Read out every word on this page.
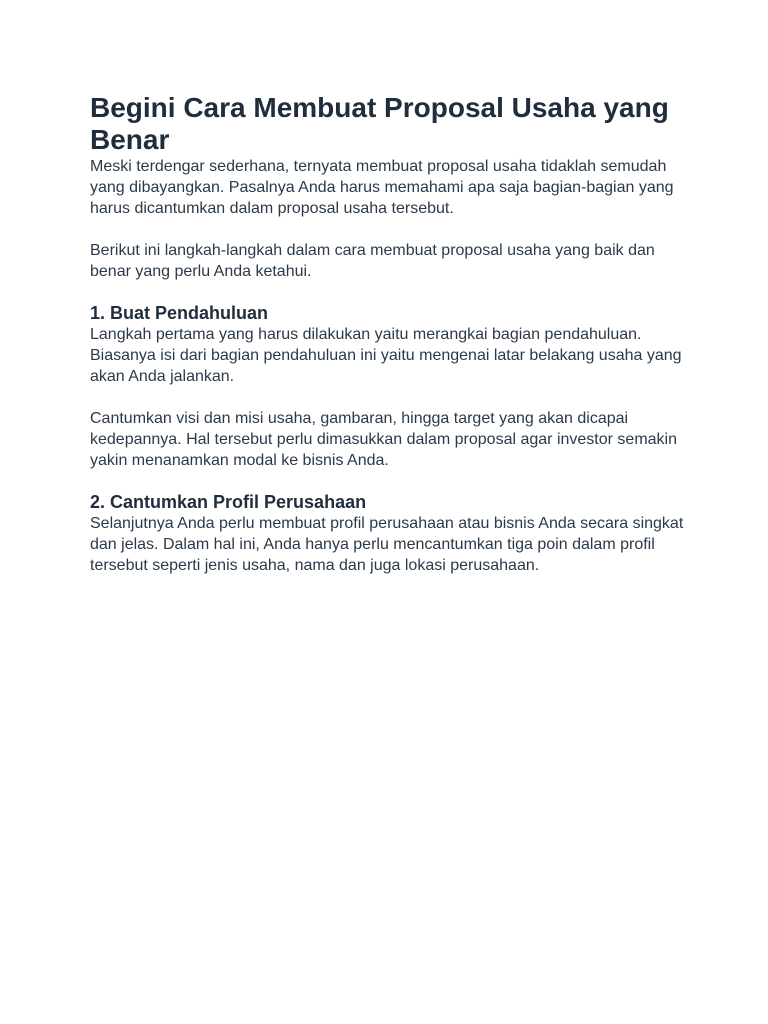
Begini Cara Membuat Proposal Usaha yang Benar

Meski terdengar sederhana, ternyata membuat proposal usaha tidaklah semudah yang dibayangkan. Pasalnya Anda harus memahami apa saja bagian-bagian yang harus dicantumkan dalam proposal usaha tersebut.

Berikut ini langkah-langkah dalam cara membuat proposal usaha yang baik dan benar yang perlu Anda ketahui.

1. Buat Pendahuluan

Langkah pertama yang harus dilakukan yaitu merangkai bagian pendahuluan. Biasanya isi dari bagian pendahuluan ini yaitu mengenai latar belakang usaha yang akan Anda jalankan.

Cantumkan visi dan misi usaha, gambaran, hingga target yang akan dicapai kedepannya. Hal tersebut perlu dimasukkan dalam proposal agar investor semakin yakin menanamkan modal ke bisnis Anda.

2. Cantumkan Profil Perusahaan

Selanjutnya Anda perlu membuat profil perusahaan atau bisnis Anda secara singkat dan jelas. Dalam hal ini, Anda hanya perlu mencantumkan tiga poin dalam profil tersebut seperti jenis usaha, nama dan juga lokasi perusahaan.
